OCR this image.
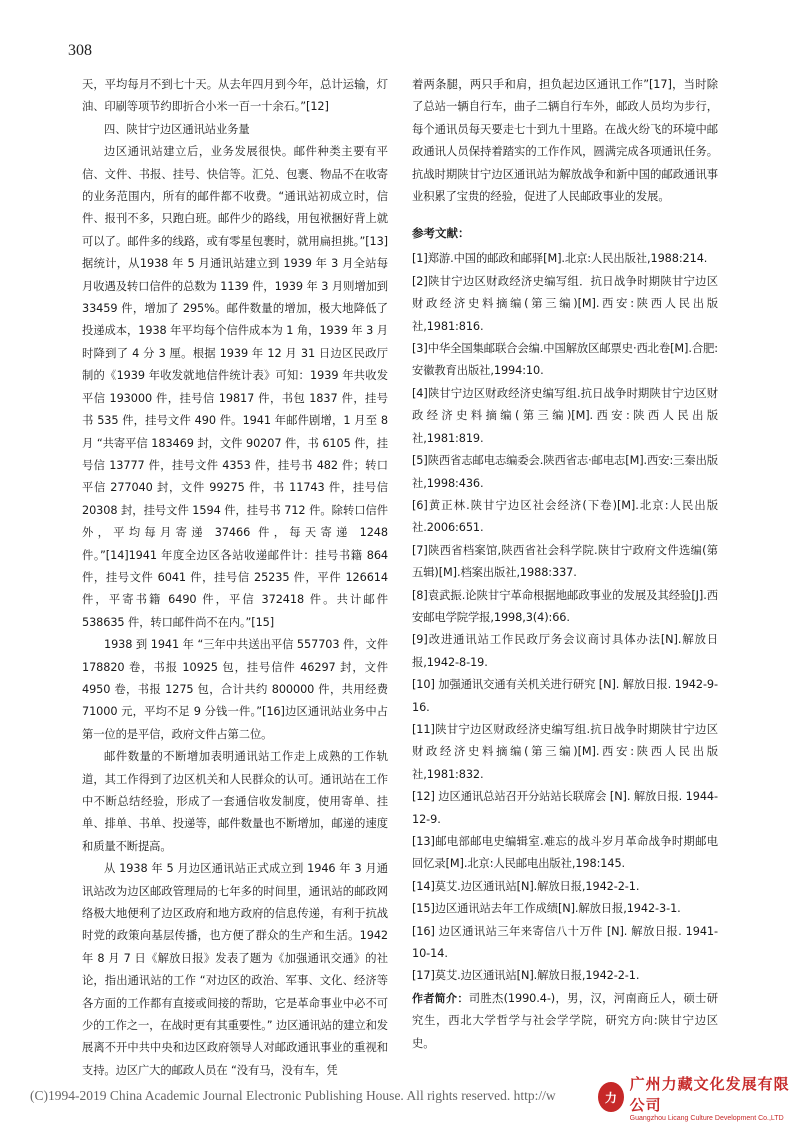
308

天，平均每月不到七十天。从去年四月到今年，总计运输，灯油、印刷等项节约即折合小米一百一十余石。”[12]

四、陕甘宁边区通讯站业务量

边区通讯站建立后，业务发展很快。邮件种类主要有平信、文件、书报、挂号、快信等。汇兑、包裹、物品不在收寄的业务范围内，所有的邮件都不收费。“通讯站初成立时，信件、报刊不多，只跑白班。邮件少的路线，用包袱捆好背上就可以了。邮件多的线路，或有零星包裹时，就用扁担挑。”[13]据统计，从1938 年 5 月通讯站建立到 1939 年 3 月全站每月收遇及转口信件的总数为 1139 件，1939 年 3 月则增加到 33459 件，增加了 295%。邮件数量的增加，极大地降低了投递成本，1938 年平均每个信件成本为 1 角，1939 年 3 月时降到了 4 分 3 厘。根据 1939 年 12 月 31 日边区民政厅制的《1939 年收发就地信件统计表》可知：1939 年共收发平信 193000 件，挂号信 19817 件，书包 1837 件，挂号书 535 件，挂号文件 490 件。1941 年邮件剧增，1 月至 8 月 “共寄平信 183469 封，文件 90207 件，书 6105 件，挂号信 13777 件，挂号文件 4353 件，挂号书 482 件；转口平信 277040 封，文件 99275 件，书 11743 件，挂号信 20308 封，挂号文件 1594 件，挂号书 712 件。除转口信件外，平均每月寄递 37466 件，每天寄递 1248 件。”[14]1941 年度全边区各站收递邮件计：挂号书籍 864 件，挂号文件 6041 件，挂号信 25235 件，平件 126614 件，平寄书籍 6490 件，平信 372418 件。共计邮件 538635 件，转口邮件尚不在内。”[15]

1938 到 1941 年 “三年中共送出平信 557703 件，文件 178820 卷，书报 10925 包，挂号信件 46297 封，文件 4950 卷，书报 1275 包，合计共约 800000 件，共用经费 71000 元，平均不足 9 分钱一件。”[16]边区通讯站业务中占第一位的是平信，政府文件占第二位。

邮件数量的不断增加表明通讯站工作走上成熟的工作轨道，其工作得到了边区机关和人民群众的认可。通讯站在工作中不断总结经验，形成了一套通信收发制度，使用寄单、挂单、排单、书单、投递等，邮件数量也不断增加，邮递的速度和质量不断提高。

从 1938 年 5 月边区通讯站正式成立到 1946 年 3 月通讯站改为边区邮政管理局的七年多的时间里，通讯站的邮政网络极大地便利了边区政府和地方政府的信息传递，有利于抗战时党的政策向基层传播，也方便了群众的生产和生活。1942 年 8 月 7 日《解放日报》发表了题为《加强通讯交通》的社论，指出通讯站的工作 “对边区的政治、军事、文化、经济等各方面的工作都有直接或间接的帮助，它是革命事业中必不可少的工作之一，在战时更有其重要性。” 边区通讯站的建立和发展离不开中共中央和边区政府领导人对邮政通讯事业的重视和支持。边区广大的邮政人员在 “没有马，没有车，凭

着两条腿，两只手和肩，担负起边区通讯工作”[17]，当时除了总站一辆自行车，曲子二辆自行车外，邮政人员均为步行，每个通讯员每天要走七十到九十里路。在战火纷飞的环境中邮政通讯人员保持着踏实的工作作风，圆满完成各项通讯任务。抗战时期陕甘宁边区通讯站为解放战争和新中国的邮政通讯事业积累了宝贵的经验，促进了人民邮政事业的发展。

参考文献：

[1]郑游.中国的邮政和邮驿[M].北京:人民出版社,1988:214.

[2]陕甘宁边区财政经济史编写组．抗日战争时期陕甘宁边区财政经济史料摘编(第三编)[M].西安:陕西人民出版社,1981:816.

[3]中华全国集邮联合会编.中国解放区邮票史·西北卷[M].合肥:安徽教育出版社,1994:10.

[4]陕甘宁边区财政经济史编写组.抗日战争时期陕甘宁边区财政经济史料摘编(第三编)[M].西安:陕西人民出版社,1981:819.

[5]陕西省志邮电志编委会.陕西省志·邮电志[M].西安:三秦出版社,1998:436.

[6]黄正林.陕甘宁边区社会经济(下卷)[M].北京:人民出版社.2006:651.

[7]陕西省档案馆,陕西省社会科学院.陕甘宁政府文件选编(第五辑)[M].档案出版社,1988:337.

[8]袁武振.论陕甘宁革命根据地邮政事业的发展及其经验[J].西安邮电学院学报,1998,3(4):66.

[9]改进通讯站工作民政厅务会议商讨具体办法[N].解放日报,1942-8-19.

[10] 加强通讯交通有关机关进行研究 [N]. 解放日报. 1942-9-16.

[11]陕甘宁边区财政经济史编写组.抗日战争时期陕甘宁边区财政经济史料摘编(第三编)[M].西安:陕西人民出版社,1981:832.

[12] 边区通讯总站召开分站站长联席会 [N]. 解放日报. 1944-12-9.

[13]邮电部邮电史编辑室.难忘的战斗岁月革命战争时期邮电回忆录[M].北京:人民邮电出版社,198:145.

[14]莫艾.边区通讯站[N].解放日报,1942-2-1.

[15]边区通讯站去年工作成绩[N].解放日报,1942-3-1.

[16] 边区通讯站三年来寄信八十万件 [N]. 解放日报. 1941-10-14.

[17]莫艾.边区通讯站[N].解放日报,1942-2-1.

作者简介：司胜杰(1990.4-)，男，汉，河南商丘人，硕士研究生，西北大学哲学与社会学学院，研究方向:陕甘宁边区史。

(C)1994-2019 China Academic Journal Electronic Publishing House. All rights reserved. http://w	力
广州力藏文化发展有限公司
Guangzhou Licang Culture Development Co.,LTD
